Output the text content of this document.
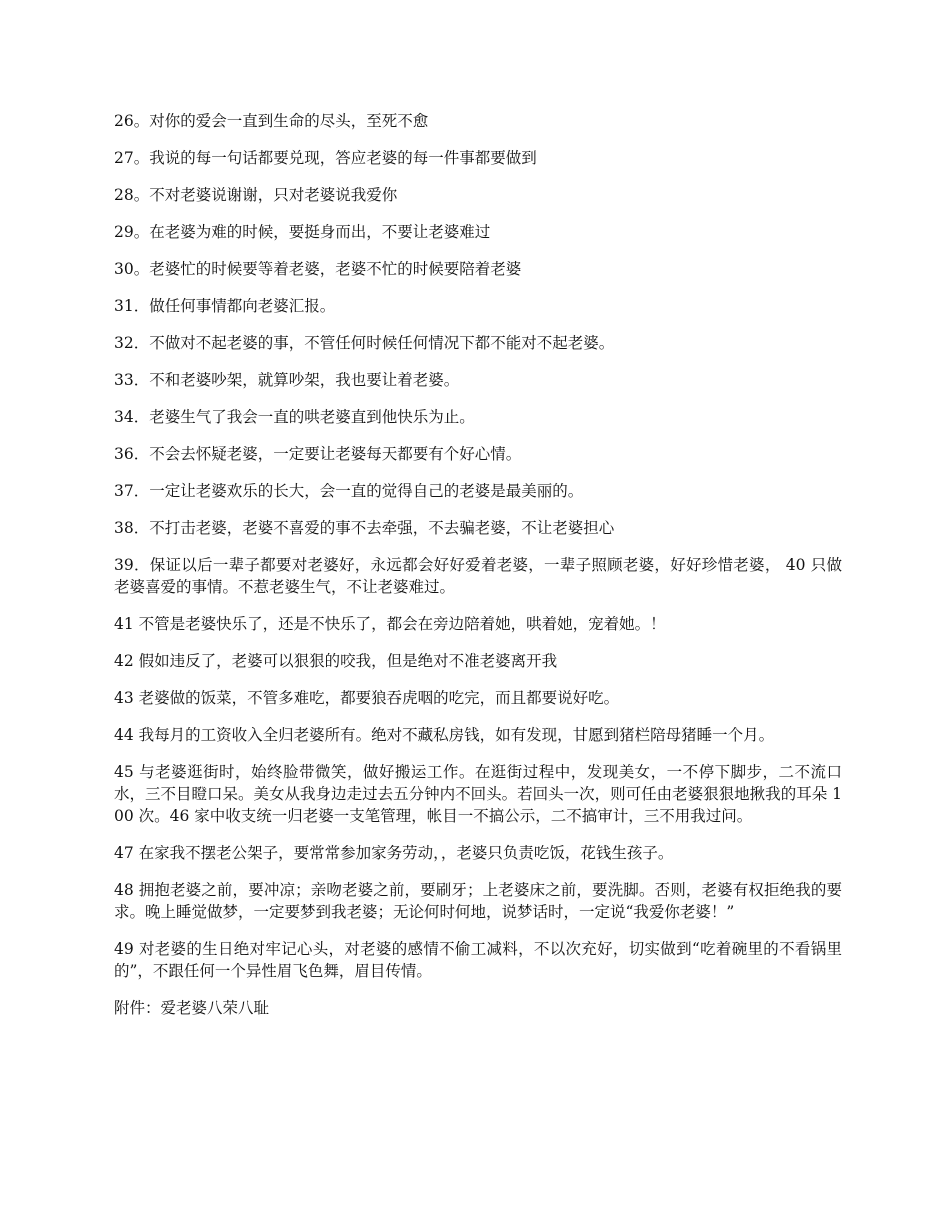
26。对你的爱会一直到生命的尽头，至死不愈

27。我说的每一句话都要兑现，答应老婆的每一件事都要做到

28。不对老婆说谢谢，只对老婆说我爱你

29。在老婆为难的时候，要挺身而出，不要让老婆难过

30。老婆忙的时候要等着老婆，老婆不忙的时候要陪着老婆

31．做任何事情都向老婆汇报。

32．不做对不起老婆的事，不管任何时候任何情况下都不能对不起老婆。

33．不和老婆吵架，就算吵架，我也要让着老婆。

34．老婆生气了我会一直的哄老婆直到他快乐为止。

36．不会去怀疑老婆，一定要让老婆每天都要有个好心情。

37．一定让老婆欢乐的长大，会一直的觉得自己的老婆是最美丽的。

38．不打击老婆，老婆不喜爱的事不去牵强，不去骗老婆，不让老婆担心

39．保证以后一辈子都要对老婆好，永远都会好好爱着老婆，一辈子照顾老婆，好好珍惜老婆， 40 只做老婆喜爱的事情。不惹老婆生气，不让老婆难过。

41 不管是老婆快乐了，还是不快乐了，都会在旁边陪着她，哄着她，宠着她。！

42 假如违反了，老婆可以狠狠的咬我，但是绝对不准老婆离开我

43 老婆做的饭菜，不管多难吃，都要狼吞虎咽的吃完，而且都要说好吃。

44 我每月的工资收入全归老婆所有。绝对不藏私房钱，如有发现，甘愿到猪栏陪母猪睡一个月。

45 与老婆逛街时，始终脸带微笑，做好搬运工作。在逛街过程中，发现美女，一不停下脚步，二不流口水，三不目瞪口呆。美女从我身边走过去五分钟内不回头。若回头一次，则可任由老婆狠狠地揪我的耳朵 100 次。46 家中收支统一归老婆一支笔管理，帐目一不搞公示，二不搞审计，三不用我过问。

47 在家我不摆老公架子，要常常参加家务劳动，，老婆只负责吃饭，花钱生孩子。

48 拥抱老婆之前，要冲凉；亲吻老婆之前，要刷牙；上老婆床之前，要洗脚。否则，老婆有权拒绝我的要求。晚上睡觉做梦，一定要梦到我老婆；无论何时何地，说梦话时，一定说“我爱你老婆！”

49 对老婆的生日绝对牢记心头，对老婆的感情不偷工减料，不以次充好，切实做到“吃着碗里的不看锅里的”，不跟任何一个异性眉飞色舞，眉目传情。

附件：爱老婆八荣八耻
